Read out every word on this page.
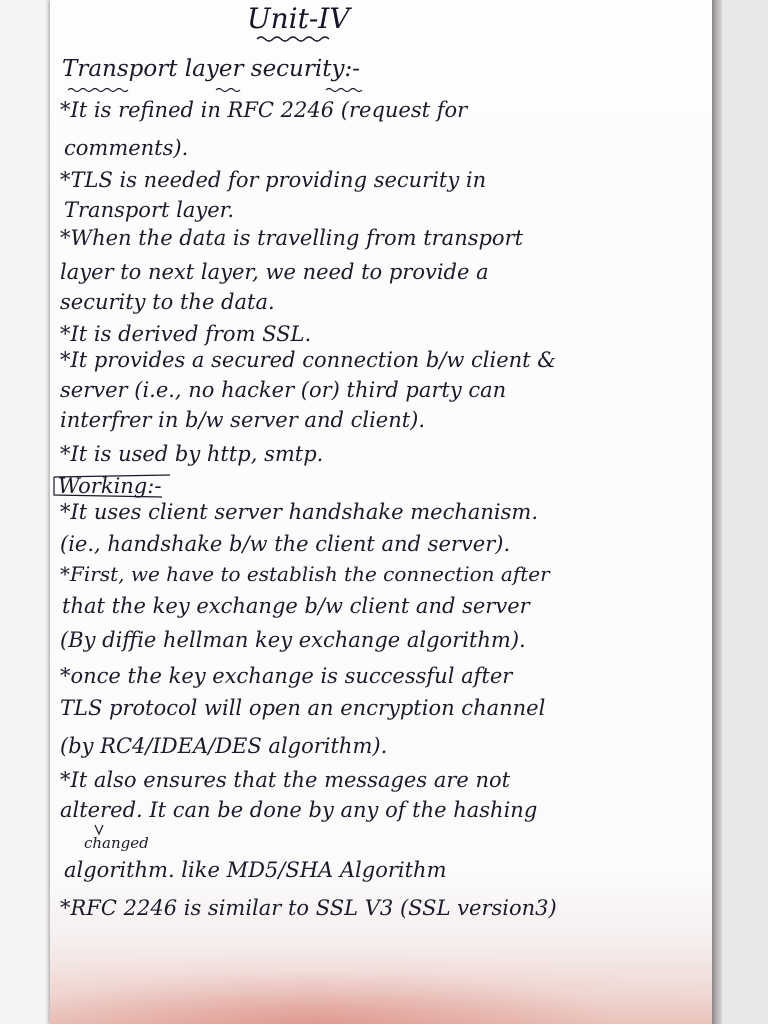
Unit-IV
Transport layer security:-
*It is refined in RFC 2246 (request for
comments).
*TLS is needed for providing security in
Transport layer.
*When the data is travelling from transport
layer to next layer, we need to provide a
security to the data.
*It is derived from SSL.
*It provides a secured connection b/w client &
server (i.e., no hacker (or) third party can
interfrer in b/w server and client).
*It is used by http, smtp.
Working:-
*It uses client server handshake mechanism.
(ie., handshake b/w the client and server).
*First, we have to establish the connection after
that the key exchange b/w client and server
(By diffie hellman key exchange algorithm).
*once the key exchange is successful after
TLS protocol will open an encryption channel
(by RC4/IDEA/DES algorithm).
*It also ensures that the messages are not
altered. It can be done by any of the hashing
changed
algorithm. like MD5/SHA Algorithm
*RFC 2246 is similar to SSL V3 (SSL version3)
